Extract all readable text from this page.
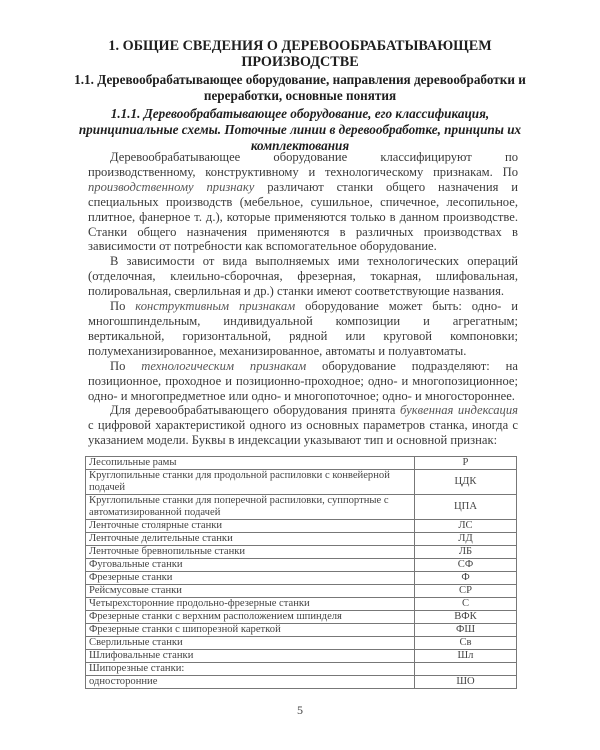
1. ОБЩИЕ СВЕДЕНИЯ О ДЕРЕВООБРАБАТЫВАЮЩЕМ ПРОИЗВОДСТВЕ
1.1. Деревообрабатывающее оборудование, направления деревообработки и переработки, основные понятия
1.1.1. Деревообрабатывающее оборудование, его классификация, принципиальные схемы. Поточные линии в деревообработке, принципы их комплектования

Деревообрабатывающее оборудование классифицируют по производственному, конструктивному и технологическому признакам. По производственному признаку различают станки общего назначения и специальных производств (мебельное, сушильное, спичечное, лесопильное, плитное, фанерное т. д.), которые применяются только в данном производстве. Станки общего назначения применяются в различных производствах в зависимости от потребности как вспомогательное оборудование.

В зависимости от вида выполняемых ими технологических операций (отделочная, клеильно-сборочная, фрезерная, токарная, шлифовальная, полировальная, сверлильная и др.) станки имеют соответствующие названия.

По конструктивным признакам оборудование может быть: одно- и многошпиндельным, индивидуальной композиции и агрегатным; вертикальной, горизонтальной, рядной или круговой компоновки; полумеханизированное, механизированное, автоматы и полуавтоматы.

По технологическим признакам оборудование подразделяют: на позиционное, проходное и позиционно-проходное; одно- и многопозиционное; одно- и многопредметное или одно- и многопоточное; одно- и многостороннее.

Для деревообрабатывающего оборудования принята буквенная индексация с цифровой характеристикой одного из основных параметров станка, иногда с указанием модели. Буквы в индексации указывают тип и основной признак:

Лесопильные рамы	Р
Круглопильные станки для продольной распиловки с конвейерной подачей	ЦДК
Круглопильные станки для поперечной распиловки, суппортные с автоматизированной подачей	ЦПА
Ленточные столярные станки	ЛС
Ленточные делительные станки	ЛД
Ленточные бревнопильные станки	ЛБ
Фуговальные станки	СФ
Фрезерные станки	Ф
Рейсмусовые станки	СР
Четырехсторонние продольно-фрезерные станки	С
Фрезерные станки с верхним расположением шпинделя	ВФК
Фрезерные станки с шипорезной кареткой	ФШ
Сверлильные станки	Св
Шлифовальные станки	Шл
Шипорезные станки:	
односторонние	ШО
5
